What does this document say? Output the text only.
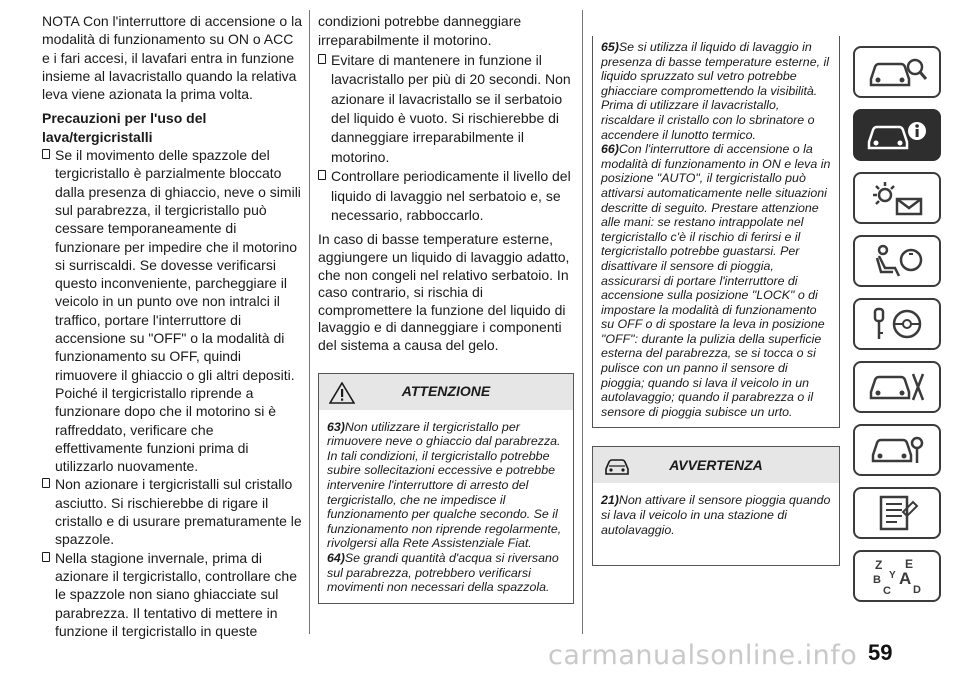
NOTA Con l'interruttore di accensione o la modalità di funzionamento su ON o ACC e i fari accesi, il lavafari entra in funzione insieme al lavacristallo quando la relativa leva viene azionata la prima volta.

Precauzioni per l'uso del lava/tergicristalli

Se il movimento delle spazzole del tergicristallo è parzialmente bloccato dalla presenza di ghiaccio, neve o simili sul parabrezza, il tergicristallo può cessare temporaneamente di funzionare per impedire che il motorino si surriscaldi. Se dovesse verificarsi questo inconveniente, parcheggiare il veicolo in un punto ove non intralci il traffico, portare l'interruttore di accensione su "OFF" o la modalità di funzionamento su OFF, quindi rimuovere il ghiaccio o gli altri depositi. Poiché il tergicristallo riprende a funzionare dopo che il motorino si è raffreddato, verificare che effettivamente funzioni prima di utilizzarlo nuovamente.

Non azionare i tergicristalli sul cristallo asciutto. Si rischierebbe di rigare il cristallo e di usurare prematuramente le spazzole.

Nella stagione invernale, prima di azionare il tergicristallo, controllare che le spazzole non siano ghiacciate sul parabrezza. Il tentativo di mettere in funzione il tergicristallo in queste

condizioni potrebbe danneggiare irreparabilmente il motorino.

Evitare di mantenere in funzione il lavacristallo per più di 20 secondi. Non azionare il lavacristallo se il serbatoio del liquido è vuoto. Si rischierebbe di danneggiare irreparabilmente il motorino.

Controllare periodicamente il livello del liquido di lavaggio nel serbatoio e, se necessario, rabboccarlo.

In caso di basse temperature esterne, aggiungere un liquido di lavaggio adatto, che non congeli nel relativo serbatoio. In caso contrario, si rischia di compromettere la funzione del liquido di lavaggio e di danneggiare i componenti del sistema a causa del gelo.

ATTENZIONE

63)Non utilizzare il tergicristallo per rimuovere neve o ghiaccio dal parabrezza. In tali condizioni, il tergicristallo potrebbe subire sollecitazioni eccessive e potrebbe intervenire l'interruttore di arresto del tergicristallo, che ne impedisce il funzionamento per qualche secondo. Se il funzionamento non riprende regolarmente, rivolgersi alla Rete Assistenziale Fiat.

64)Se grandi quantità d'acqua si riversano sul parabrezza, potrebbero verificarsi movimenti non necessari della spazzola.

65)Se si utilizza il liquido di lavaggio in presenza di basse temperature esterne, il liquido spruzzato sul vetro potrebbe ghiacciare compromettendo la visibilità. Prima di utilizzare il lavacristallo, riscaldare il cristallo con lo sbrinatore o accendere il lunotto termico.

66)Con l'interruttore di accensione o la modalità di funzionamento in ON e leva in posizione "AUTO", il tergicristallo può attivarsi automaticamente nelle situazioni descritte di seguito. Prestare attenzione alle mani: se restano intrappolate nel tergicristallo c'è il rischio di ferirsi e il tergicristallo potrebbe guastarsi. Per disattivare il sensore di pioggia, assicurarsi di portare l'interruttore di accensione sulla posizione "LOCK" o di impostare la modalità di funzionamento su OFF o di spostare la leva in posizione "OFF": durante la pulizia della superficie esterna del parabrezza, se si tocca o si pulisce con un panno il sensore di pioggia; quando si lava il veicolo in un autolavaggio; quando il parabrezza o il sensore di pioggia subisce un urto.

AVVERTENZA

21)Non attivare il sensore pioggia quando si lava il veicolo in una stazione di autolavaggio.

Z E
B A
C D
Y
carmanualsonline.info 59
